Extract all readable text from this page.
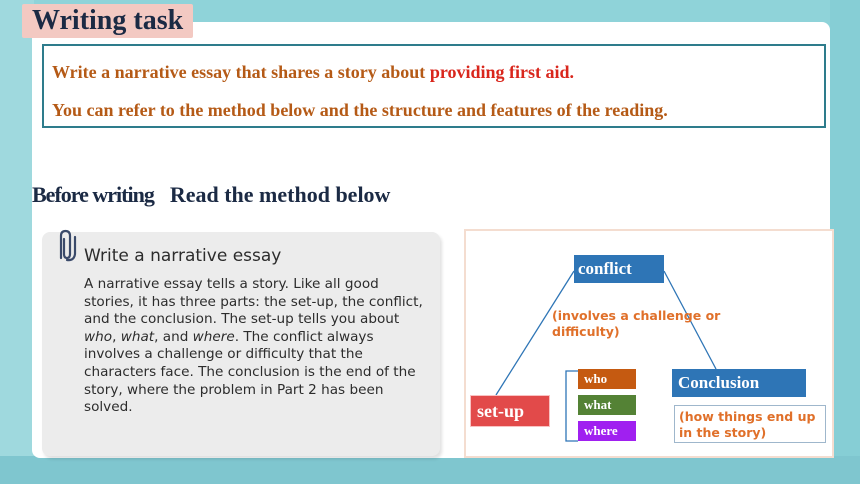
Writing task
Write a narrative essay that shares a story about providing first aid.
You can refer to the method below and the structure and features of the reading.
Before writing Read the method below
Write a narrative essay

A narrative essay tells a story. Like all good stories, it has three parts: the set-up, the conflict, and the conclusion. The set-up tells you about who, what, and where. The conflict always involves a challenge or difficulty that the characters face. The conclusion is the end of the story, where the problem in Part 2 has been solved.

conflict
(involves a challenge or difficulty)
who
what
where
set-up
Conclusion
(how things end up in the story)
